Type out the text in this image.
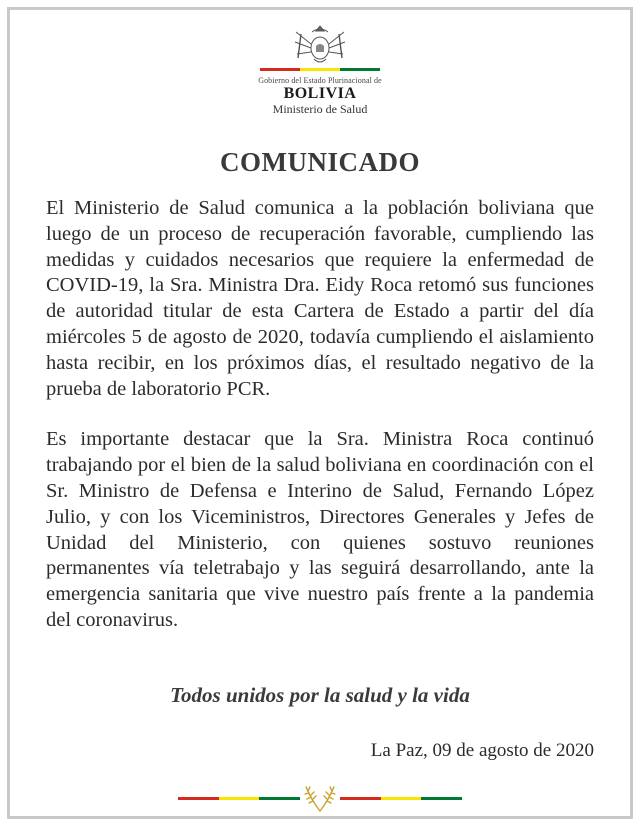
Gobierno del Estado Plurinacional de
BOLIVIA
Ministerio de Salud
COMUNICADO

El Ministerio de Salud comunica a la población boliviana que luego de un proceso de recuperación favorable, cumpliendo las medidas y cuidados necesarios que requiere la enfermedad de COVID-19, la Sra. Ministra Dra. Eidy Roca retomó sus funciones de autoridad titular de esta Cartera de Estado a partir del día miércoles 5 de agosto de 2020, todavía cumpliendo el aislamiento hasta recibir, en los próximos días, el resultado negativo de la prueba de laboratorio PCR.

Es importante destacar que la Sra. Ministra Roca continuó trabajando por el bien de la salud boliviana en coordinación con el Sr. Ministro de Defensa e Interino de Salud, Fernando López Julio, y con los Viceministros, Directores Generales y Jefes de Unidad del Ministerio, con quienes sostuvo reuniones permanentes vía teletrabajo y las seguirá desarrollando, ante la emergencia sanitaria que vive nuestro país frente a la pandemia del coronavirus.

Todos unidos por la salud y la vida
La Paz, 09 de agosto de 2020
